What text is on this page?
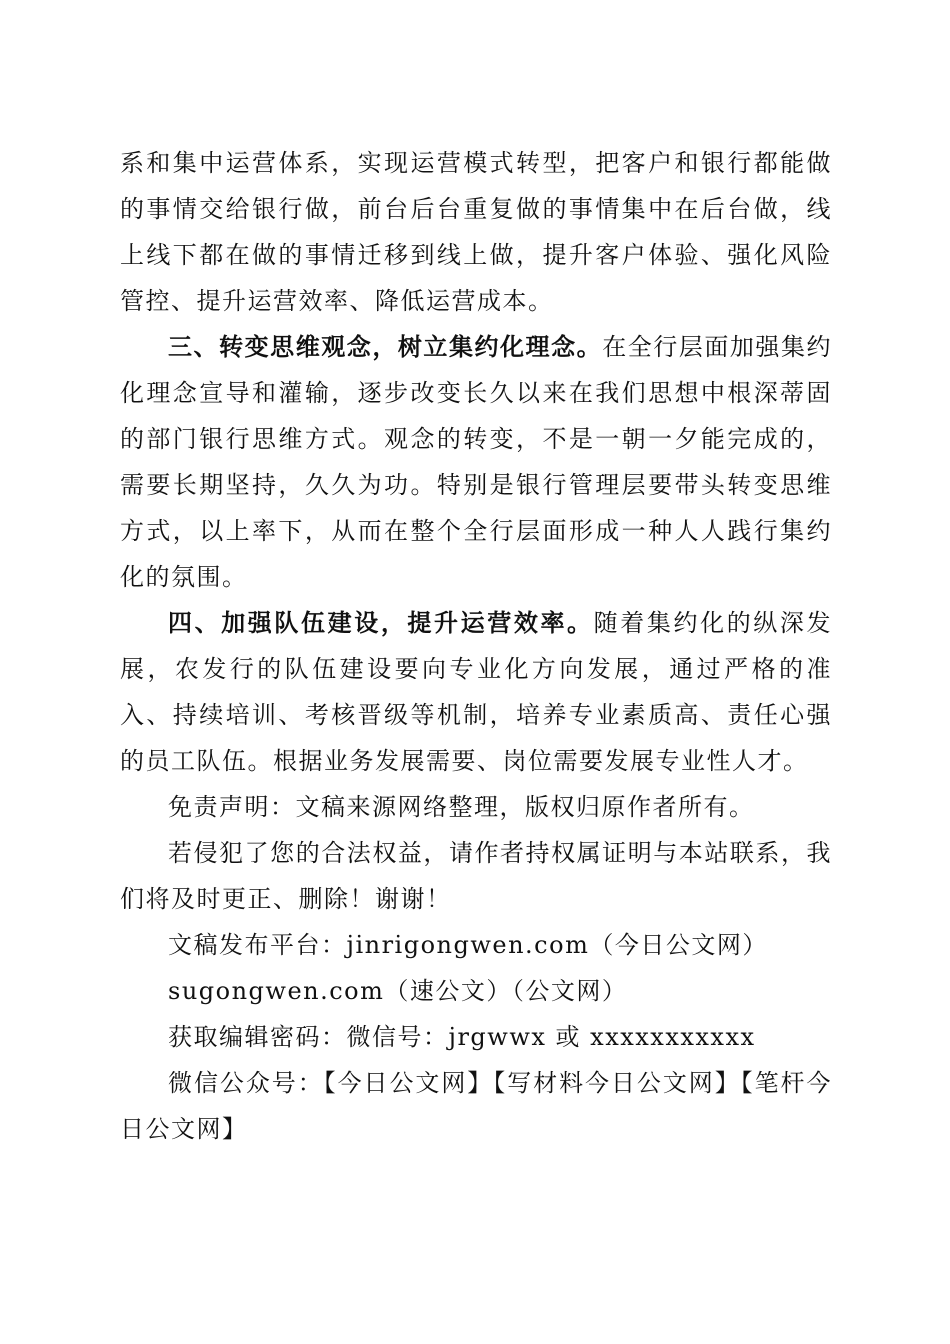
系和集中运营体系，实现运营模式转型，把客户和银行都能做的事情交给银行做，前台后台重复做的事情集中在后台做，线上线下都在做的事情迁移到线上做，提升客户体验、强化风险管控、提升运营效率、降低运营成本。

三、转变思维观念，树立集约化理念。在全行层面加强集约化理念宣导和灌输，逐步改变长久以来在我们思想中根深蒂固的部门银行思维方式。观念的转变，不是一朝一夕能完成的，需要长期坚持，久久为功。特别是银行管理层要带头转变思维方式，以上率下，从而在整个全行层面形成一种人人践行集约化的氛围。

四、加强队伍建设，提升运营效率。随着集约化的纵深发展，农发行的队伍建设要向专业化方向发展，通过严格的准入、持续培训、考核晋级等机制，培养专业素质高、责任心强的员工队伍。根据业务发展需要、岗位需要发展专业性人才。

免责声明：文稿来源网络整理，版权归原作者所有。

若侵犯了您的合法权益，请作者持权属证明与本站联系，我们将及时更正、删除！谢谢！

文稿发布平台：jinrigongwen.com（今日公文网）

sugongwen.com（速公文）（公文网）

获取编辑密码：微信号：jrgwwx 或 xxxxxxxxxxx

微信公众号：【今日公文网】【写材料今日公文网】【笔杆今日公文网】
